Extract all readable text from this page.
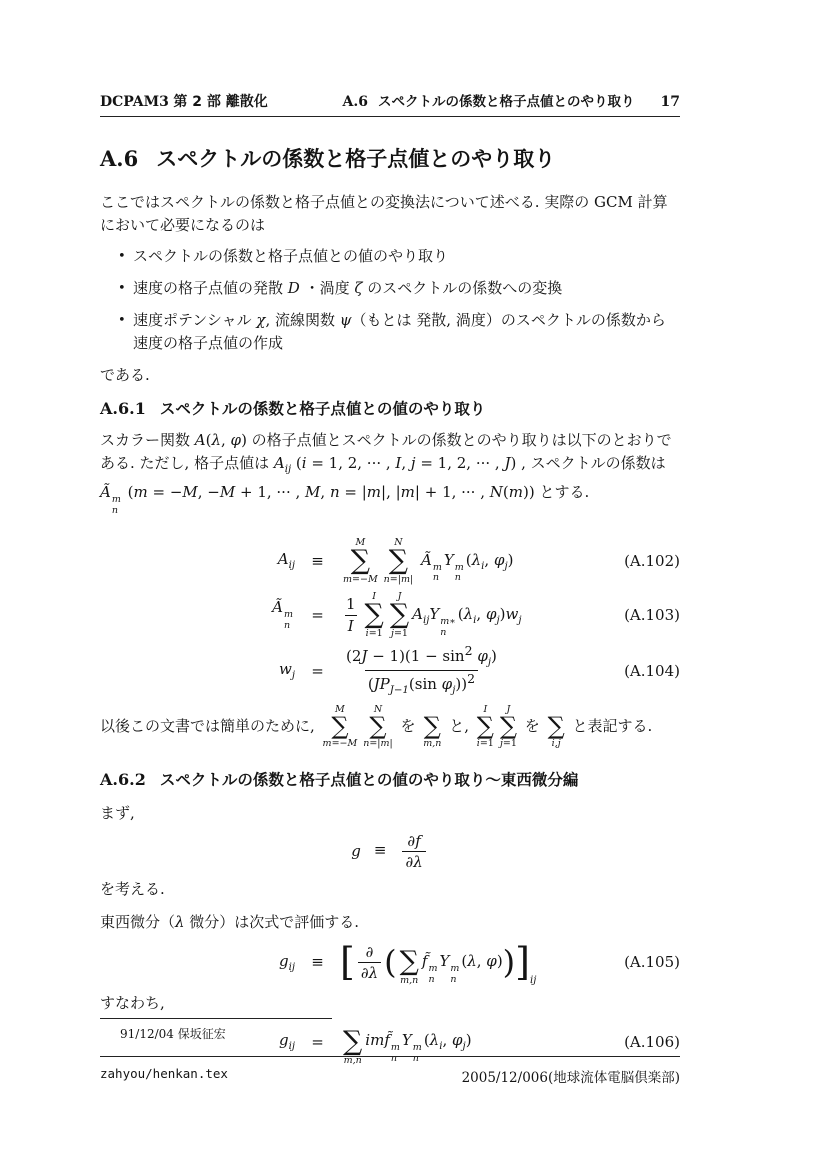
DCPAM3 第 2 部 離散化	A.6 スペクトルの係数と格子点値とのやり取り 17
A.6 スペクトルの係数と格子点値とのやり取り

ここではスペクトルの係数と格子点値との変換法について述べる. 実際の GCM 計算において必要になるのは

• スペクトルの係数と格子点値との値のやり取り
• 速度の格子点値の発散 D ・渦度 ζ のスペクトルの係数への変換
• 速度ポテンシャル χ, 流線関数 ψ（もとは 発散, 渦度）のスペクトルの係数から速度の格子点値の作成

である.

A.6.1 スペクトルの係数と格子点値との値のやり取り

スカラー関数 A(λ, φ) の格子点値とスペクトルの係数とのやり取りは以下のとおりである. ただし, 格子点値は $A_{ij}$ (i = 1, 2, ··· , I, j = 1, 2, ··· , J) , スペクトルの係数は Ã m
n
(m = −M, −M + 1, ··· , M, n = |m|, |m| + 1, ··· , N(m)) とする.

$A_{ij}$	≡
M
∑
m=−M
N
∑
n=|m|
Ã m
n
Y m
n
($\lambda_i$, $\varphi_j$)	(A.102)
Ã m
n
=	$\frac{1}{I}$ I
∑
i=1
J
∑
j=1
$A_{ij}Y$ m∗
n
($\lambda_i$, $\varphi_j)w_j$	(A.103)
$w_j$	=	$\frac{(2J - 1)(1 - \sin^2 \varphi_j)}{(JP_{J-1}(\sin \varphi_j))^2}$	(A.104)

以後この文書では簡単のために,
M
∑
m=−M
N
∑
n=|m|
を
∑
m,n
と,
I
∑
i=1
J
∑
j=1
を
∑
i,j
と表記する.

A.6.2 スペクトルの係数と格子点値との値のやり取り～東西微分編

まず,

$g \equiv \frac{\partial f}{\partial\lambda}$

を考える.

東西微分（λ 微分）は次式で評価する.

$g_{ij}$	≡ [ $\frac{\partial}{\partial\lambda}$ (
∑
m,n
f̃ m
n
Y m
n
(λ, $\varphi))]_{ij}$
(A.105)

すなわち,

$g_{ij}$	=
∑
m,n
imf̃ m
n
Y m
n
($\lambda_i$, $\varphi_j$)	(A.106)
91/12/04 保坂征宏
zahyou/henkan.tex	2005/12/006(地球流体電脳倶楽部)
